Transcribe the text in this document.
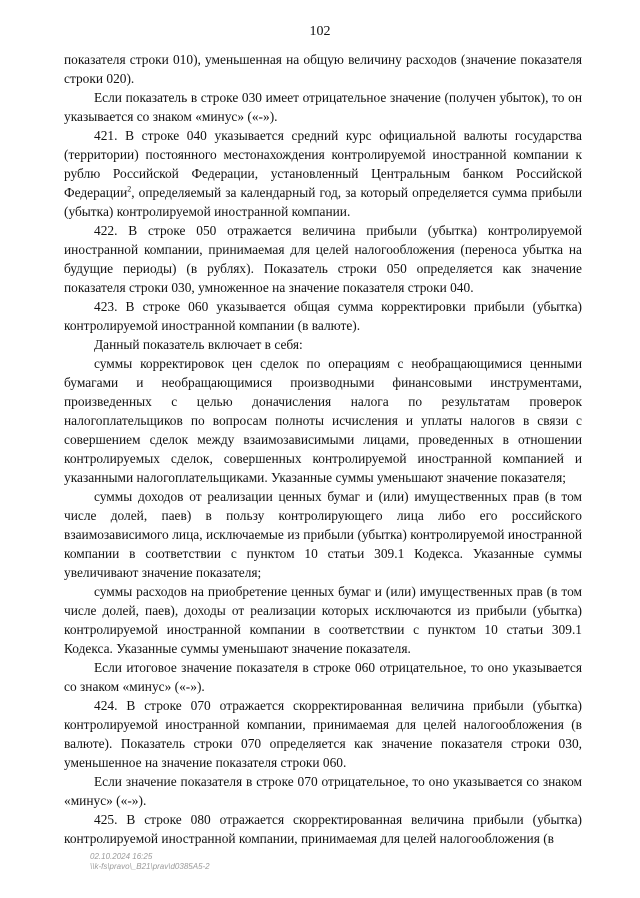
102

показателя строки 010), уменьшенная на общую величину расходов (значение показателя строки 020).

Если показатель в строке 030 имеет отрицательное значение (получен убыток), то он указывается со знаком «минус» («-»).

421. В строке 040 указывается средний курс официальной валюты государства (территории) постоянного местонахождения контролируемой иностранной компании к рублю Российской Федерации, установленный Центральным банком Российской Федерации$^2$, определяемый за календарный год, за который определяется сумма прибыли (убытка) контролируемой иностранной компании.

422. В строке 050 отражается величина прибыли (убытка) контролируемой иностранной компании, принимаемая для целей налогообложения (переноса убытка на будущие периоды) (в рублях). Показатель строки 050 определяется как значение показателя строки 030, умноженное на значение показателя строки 040.

423. В строке 060 указывается общая сумма корректировки прибыли (убытка) контролируемой иностранной компании (в валюте).

Данный показатель включает в себя:

суммы корректировок цен сделок по операциям с необращающимися ценными бумагами и необращающимися производными финансовыми инструментами, произведенных с целью доначисления налога по результатам проверок налогоплательщиков по вопросам полноты исчисления и уплаты налогов в связи с совершением сделок между взаимозависимыми лицами, проведенных в отношении контролируемых сделок, совершенных контролируемой иностранной компанией и указанными налогоплательщиками. Указанные суммы уменьшают значение показателя;

суммы доходов от реализации ценных бумаг и (или) имущественных прав (в том числе долей, паев) в пользу контролирующего лица либо его российского взаимозависимого лица, исключаемые из прибыли (убытка) контролируемой иностранной компании в соответствии с пунктом 10 статьи 309.1 Кодекса. Указанные суммы увеличивают значение показателя;

суммы расходов на приобретение ценных бумаг и (или) имущественных прав (в том числе долей, паев), доходы от реализации которых исключаются из прибыли (убытка) контролируемой иностранной компании в соответствии с пунктом 10 статьи 309.1 Кодекса. Указанные суммы уменьшают значение показателя.

Если итоговое значение показателя в строке 060 отрицательное, то оно указывается со знаком «минус» («-»).

424. В строке 070 отражается скорректированная величина прибыли (убытка) контролируемой иностранной компании, принимаемая для целей налогообложения (в валюте). Показатель строки 070 определяется как значение показателя строки 030, уменьшенное на значение показателя строки 060.

Если значение показателя в строке 070 отрицательное, то оно указывается со знаком «минус» («-»).

425. В строке 080 отражается скорректированная величина прибыли (убытка) контролируемой иностранной компании, принимаемая для целей налогообложения (в

02.10.2024 16:25
\\k-fs\pravo\_B21\prav\d0385A5-2
